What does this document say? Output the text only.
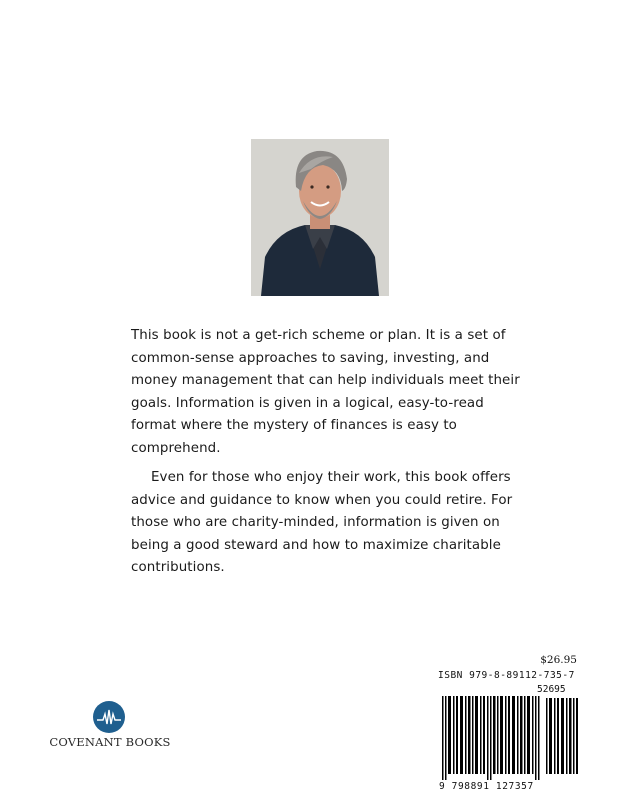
This book is not a get-rich scheme or plan. It is a set of common-sense approaches to saving, investing, and money management that can help individuals meet their goals. Information is given in a logical, easy-to-read format where the mystery of finances is easy to comprehend.

Even for those who enjoy their work, this book offers advice and guidance to know when you could retire. For those who are charity-minded, information is given on being a good steward and how to maximize charitable contributions.

COVENANT BOOKS
$26.95
ISBN 979-8-89112-735-7
52695
9 798891 127357
